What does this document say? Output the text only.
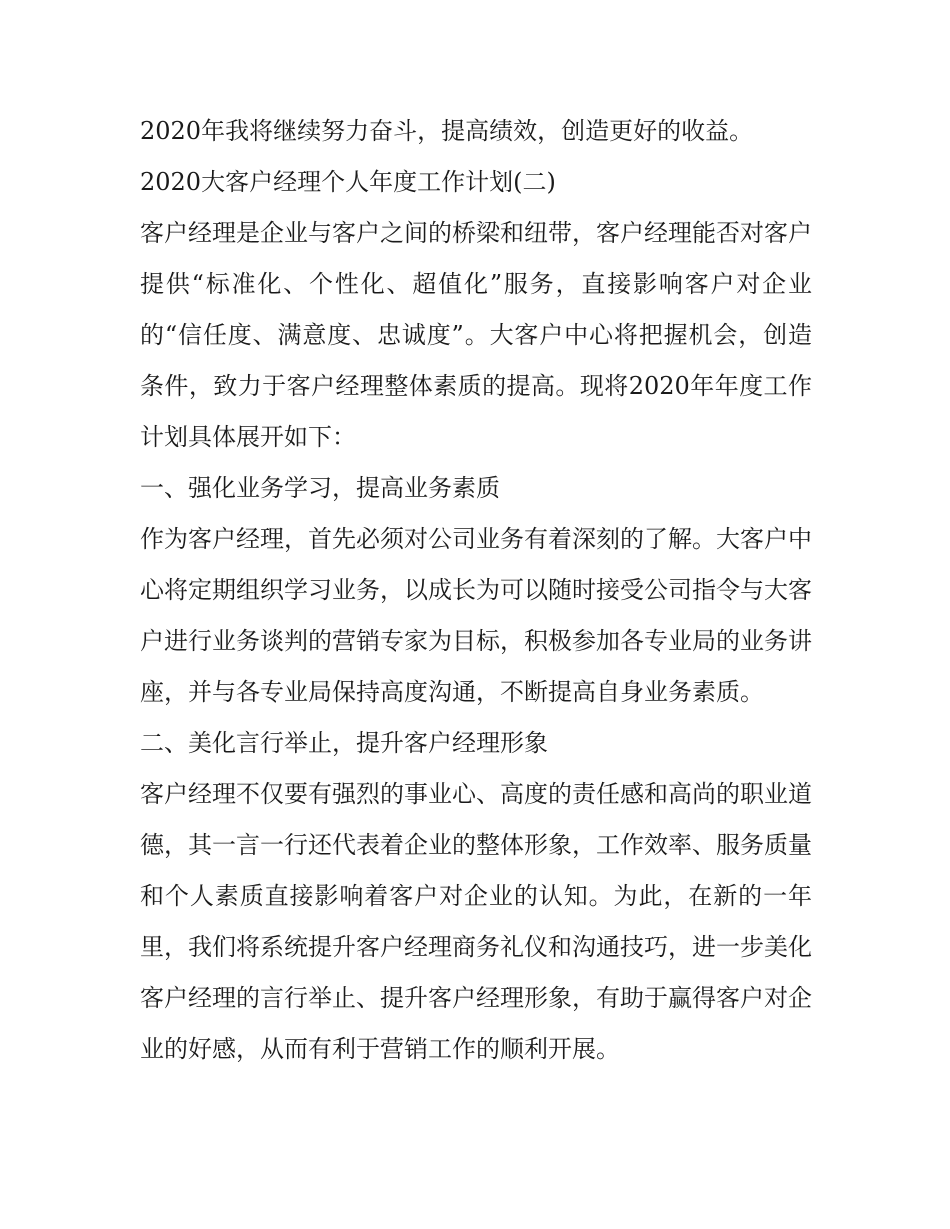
2020年我将继续努力奋斗，提高绩效，创造更好的收益。

2020大客户经理个人年度工作计划(二)

客户经理是企业与客户之间的桥梁和纽带，客户经理能否对客户提供“标准化、个性化、超值化”服务，直接影响客户对企业的“信任度、满意度、忠诚度”。大客户中心将把握机会，创造条件，致力于客户经理整体素质的提高。现将2020年年度工作计划具体展开如下：

一、强化业务学习，提高业务素质

作为客户经理，首先必须对公司业务有着深刻的了解。大客户中心将定期组织学习业务，以成长为可以随时接受公司指令与大客户进行业务谈判的营销专家为目标，积极参加各专业局的业务讲座，并与各专业局保持高度沟通，不断提高自身业务素质。

二、美化言行举止，提升客户经理形象

客户经理不仅要有强烈的事业心、高度的责任感和高尚的职业道德，其一言一行还代表着企业的整体形象，工作效率、服务质量和个人素质直接影响着客户对企业的认知。为此，在新的一年里，我们将系统提升客户经理商务礼仪和沟通技巧，进一步美化客户经理的言行举止、提升客户经理形象，有助于赢得客户对企业的好感，从而有利于营销工作的顺利开展。
